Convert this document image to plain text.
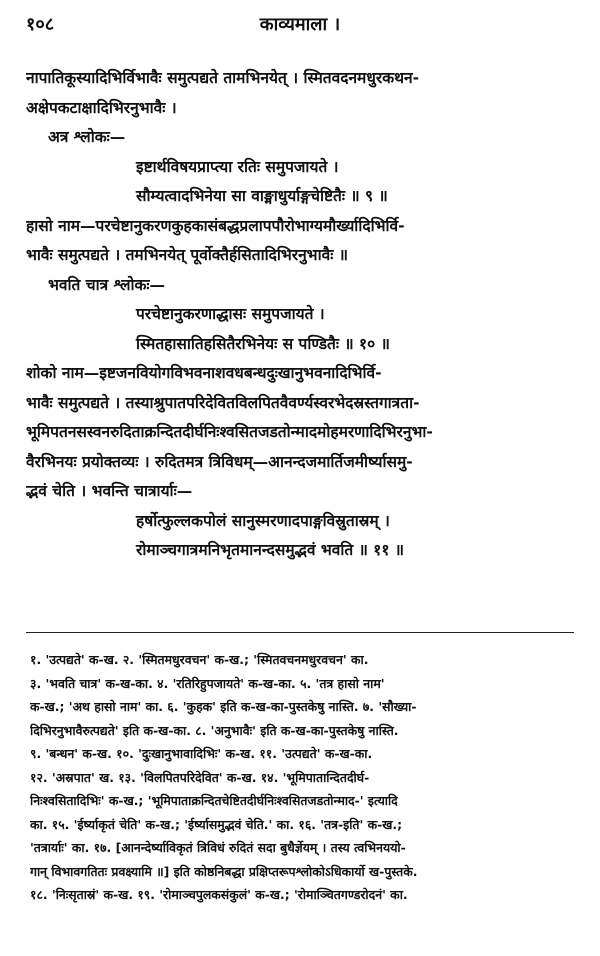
१०८	काव्यमाला ।

नापातिकूस्यादिभिर्विभावैः समुत्पद्यते तामभिनयेत् । स्मितवदनमधुरकथन-

अक्षेपकटाक्षादिभिरनुभावैः ।

अत्र श्लोकः—

इष्टार्थविषयप्राप्त्या रतिः समुपजायते ।

सौम्यत्वादभिनेया सा वाङ्माधुर्याङ्गचेष्टितैः ॥ ९ ॥

हासो नाम—परचेष्टानुकरणकुहकासंबद्धप्रलापपौरोभाग्यमौर्ख्यादिभिर्वि-

भावैः समुत्पद्यते । तमभिनयेत् पूर्वोक्तैर्हसितादिभिरनुभावैः ॥

भवति चात्र श्लोकः—

परचेष्टानुकरणाद्धासः समुपजायते ।

स्मितहासातिहसितैरभिनेयः स पण्डितैः ॥ १० ॥

शोको नाम—इष्टजनवियोगविभवनाशवधबन्धदुःखानुभवनादिभिर्वि-

भावैः समुत्पद्यते । तस्याश्रुपातपरिदेवितविलपितवैवर्ण्यस्वरभेदस्रस्तगात्रता-

भूमिपतनसस्वनरुदिताक्रन्दितदीर्घनिःश्वसितजडतोन्मादमोहमरणादिभिरनुभा-

वैरभिनयः प्रयोक्तव्यः । रुदितमत्र त्रिविधम्—आनन्दजमार्तिजमीर्ष्यासमु-

द्भवं चेति । भवन्ति चात्रार्याः—

हर्षोत्फुल्लकपोलं सानुस्मरणादपाङ्गविस्रुतास्रम् ।

रोमाञ्चगात्रमनिभृतमानन्दसमुद्भवं भवति ॥ ११ ॥

१. 'उत्पद्यते' क-ख. २. 'स्मितमधुरवचन' क-ख.; 'स्मितवचनमधुरवचन' का.

३. 'भवति चात्र' क-ख-का. ४. 'रतिरिहुपजायते' क-ख-का. ५. 'तत्र हासो नाम'

क-ख.; 'अथ हासो नाम' का. ६. 'कुहक' इति क-ख-का-पुस्तकेषु नास्ति. ७. 'सौख्या-

दिभिरनुभावैरुत्पद्यते' इति क-ख-का. ८. 'अनुभावैः' इति क-ख-का-पुस्तकेषु नास्ति.

९. 'बन्धन' क-ख. १०. 'दुःखानुभावादिभिः' क-ख. ११. 'उत्पद्यते' क-ख-का.

१२. 'अस्रपात' ख. १३. 'विलपितपरिदेवित' क-ख. १४. 'भूमिपातान्दितदीर्घ-

निःश्वसितादिभिः' क-ख.; 'भूमिपाताक्रन्दितचेष्टितदीर्घनिःश्वसितजडतोन्माद-' इत्यादि

का. १५. 'ईर्ष्याकृतं चेति' क-ख.; 'ईर्ष्यासमुद्भवं चेति.' का. १६. 'तत्र-इति' क-ख.;

'तत्रार्याः' का. १७. [आनन्देर्ष्याविकृतं त्रिविधं रुदितं सदा बुधैर्ज्ञेयम् । तस्य त्वभिनययो-

गान् विभावगतितः प्रवक्ष्यामि ॥] इति कोष्ठनिबद्धा प्रक्षिप्तरूपश्लोकोऽधिकार्यो ख-पुस्तके.

१८. 'निःसृतास्रं' क-ख. १९. 'रोमाञ्चपुलकसंकुलं' क-ख.; 'रोमाञ्चितगण्डरोदनं' का.
